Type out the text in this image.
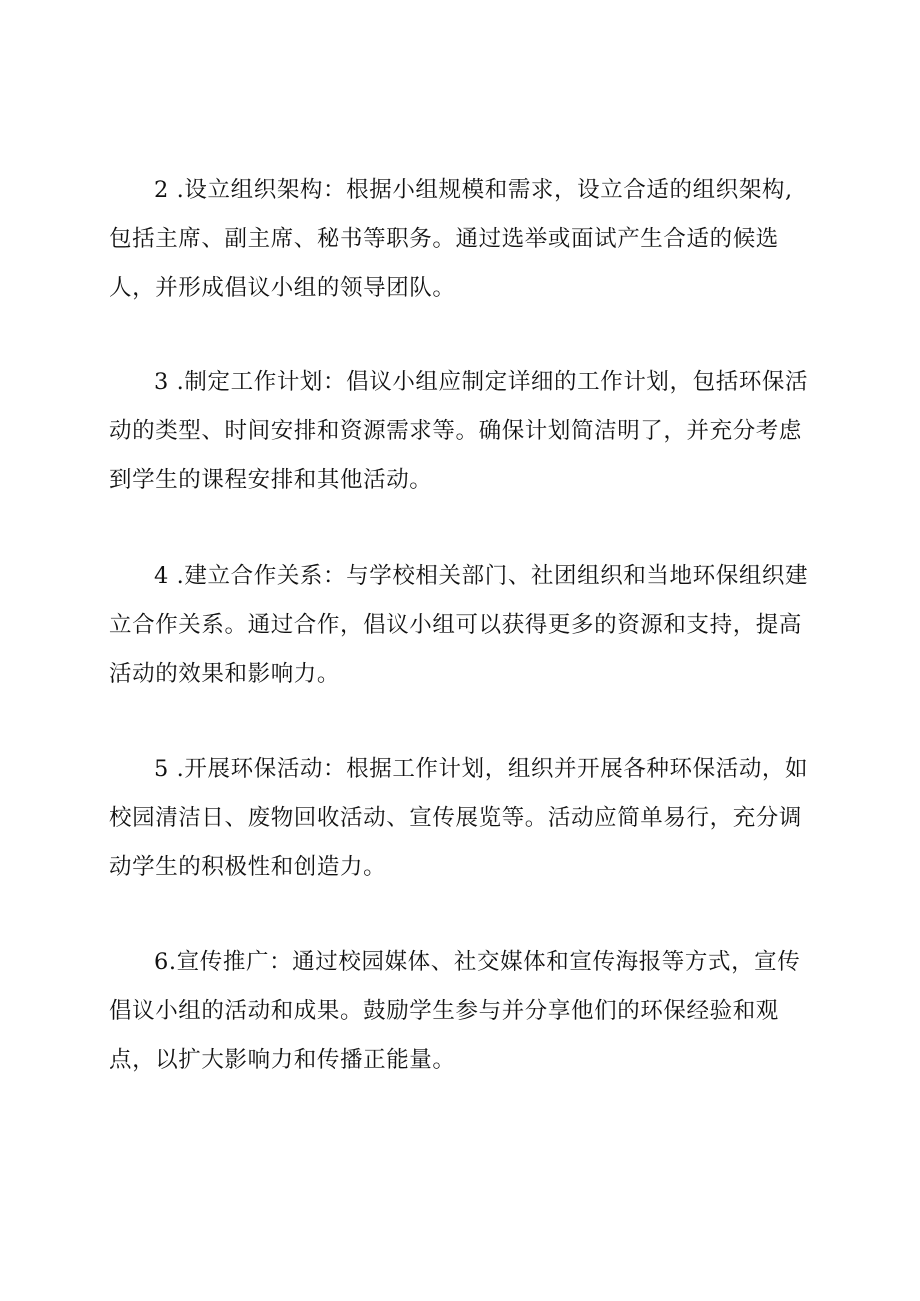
2 .设立组织架构：根据小组规模和需求，设立合适的组织架构,
包括主席、副主席、秘书等职务。通过选举或面试产生合适的候选
人，并形成倡议小组的领导团队。

3 .制定工作计划：倡议小组应制定详细的工作计划，包括环保活
动的类型、时间安排和资源需求等。确保计划简洁明了，并充分考虑
到学生的课程安排和其他活动。

4 .建立合作关系：与学校相关部门、社团组织和当地环保组织建
立合作关系。通过合作，倡议小组可以获得更多的资源和支持，提高
活动的效果和影响力。

5 .开展环保活动：根据工作计划，组织并开展各种环保活动，如
校园清洁日、废物回收活动、宣传展览等。活动应简单易行，充分调
动学生的积极性和创造力。

6.宣传推广：通过校园媒体、社交媒体和宣传海报等方式，宣传
倡议小组的活动和成果。鼓励学生参与并分享他们的环保经验和观
点，以扩大影响力和传播正能量。
